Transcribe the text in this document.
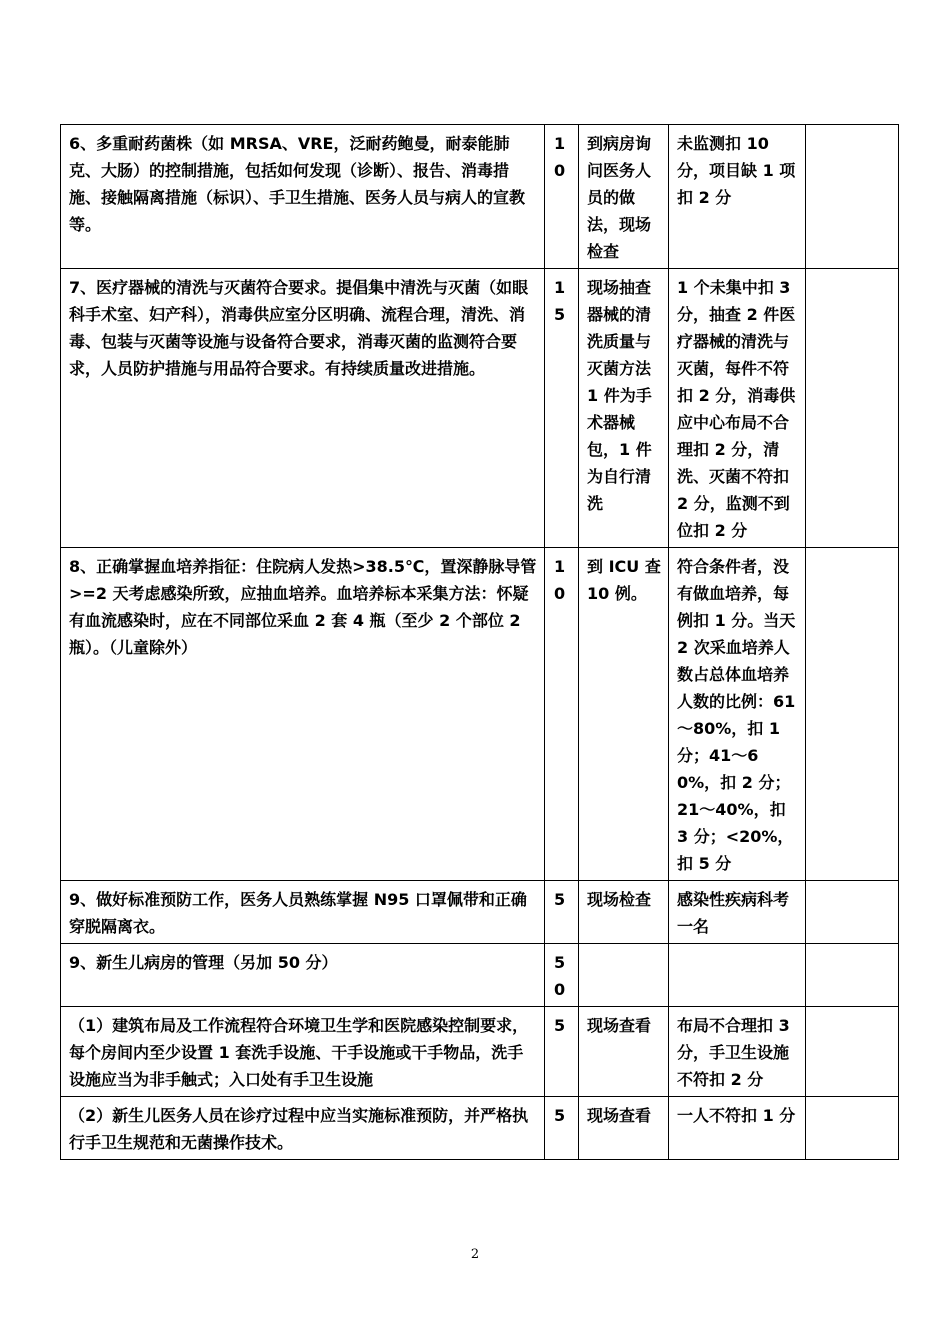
6、多重耐药菌株（如 MRSA、VRE，泛耐药鲍曼，耐泰能肺克、大肠）的控制措施，包括如何发现（诊断）、报告、消毒措施、接触隔离措施（标识）、手卫生措施、医务人员与病人的宣教等。	10	到病房询问医务人员的做法，现场检查	未监测扣 10 分，项目缺 1 项扣 2 分	

7、医疗器械的清洗与灭菌符合要求。提倡集中清洗与灭菌（如眼科手术室、妇产科），消毒供应室分区明确、流程合理，清洗、消毒、包装与灭菌等设施与设备符合要求，消毒灭菌的监测符合要求，人员防护措施与用品符合要求。有持续质量改进措施。	15	现场抽查器械的清洗质量与灭菌方法 1 件为手术器械包，1 件为自行清洗	1 个未集中扣 3 分，抽查 2 件医疗器械的清洗与灭菌，每件不符扣 2 分，消毒供应中心布局不合理扣 2 分，清洗、灭菌不符扣 2 分，监测不到位扣 2 分	

8、正确掌握血培养指征：住院病人发热>38.5℃，置深静脉导管>=2 天考虑感染所致，应抽血培养。血培养标本采集方法：怀疑有血流感染时，应在不同部位采血 2 套 4 瓶（至少 2 个部位 2 瓶）。（儿童除外）	10	到 ICU 查 10 例。	符合条件者，没有做血培养，每例扣 1 分。当天 2 次采血培养人数占总体血培养人数的比例：61～80%，扣 1 分；41～60%，扣 2 分；21～40%，扣 3 分；<20%，扣 5 分	

9、做好标准预防工作，医务人员熟练掌握 N95 口罩佩带和正确穿脱隔离衣。	5	现场检查	感染性疾病科考一名	

9、新生儿病房的管理（另加 50 分）	50			

（1）建筑布局及工作流程符合环境卫生学和医院感染控制要求，每个房间内至少设置 1 套洗手设施、干手设施或干手物品，洗手设施应当为非手触式；入口处有手卫生设施	5	现场查看	布局不合理扣 3 分，手卫生设施不符扣 2 分	

（2）新生儿医务人员在诊疗过程中应当实施标准预防，并严格执行手卫生规范和无菌操作技术。	5	现场查看	一人不符扣 1 分	

2
